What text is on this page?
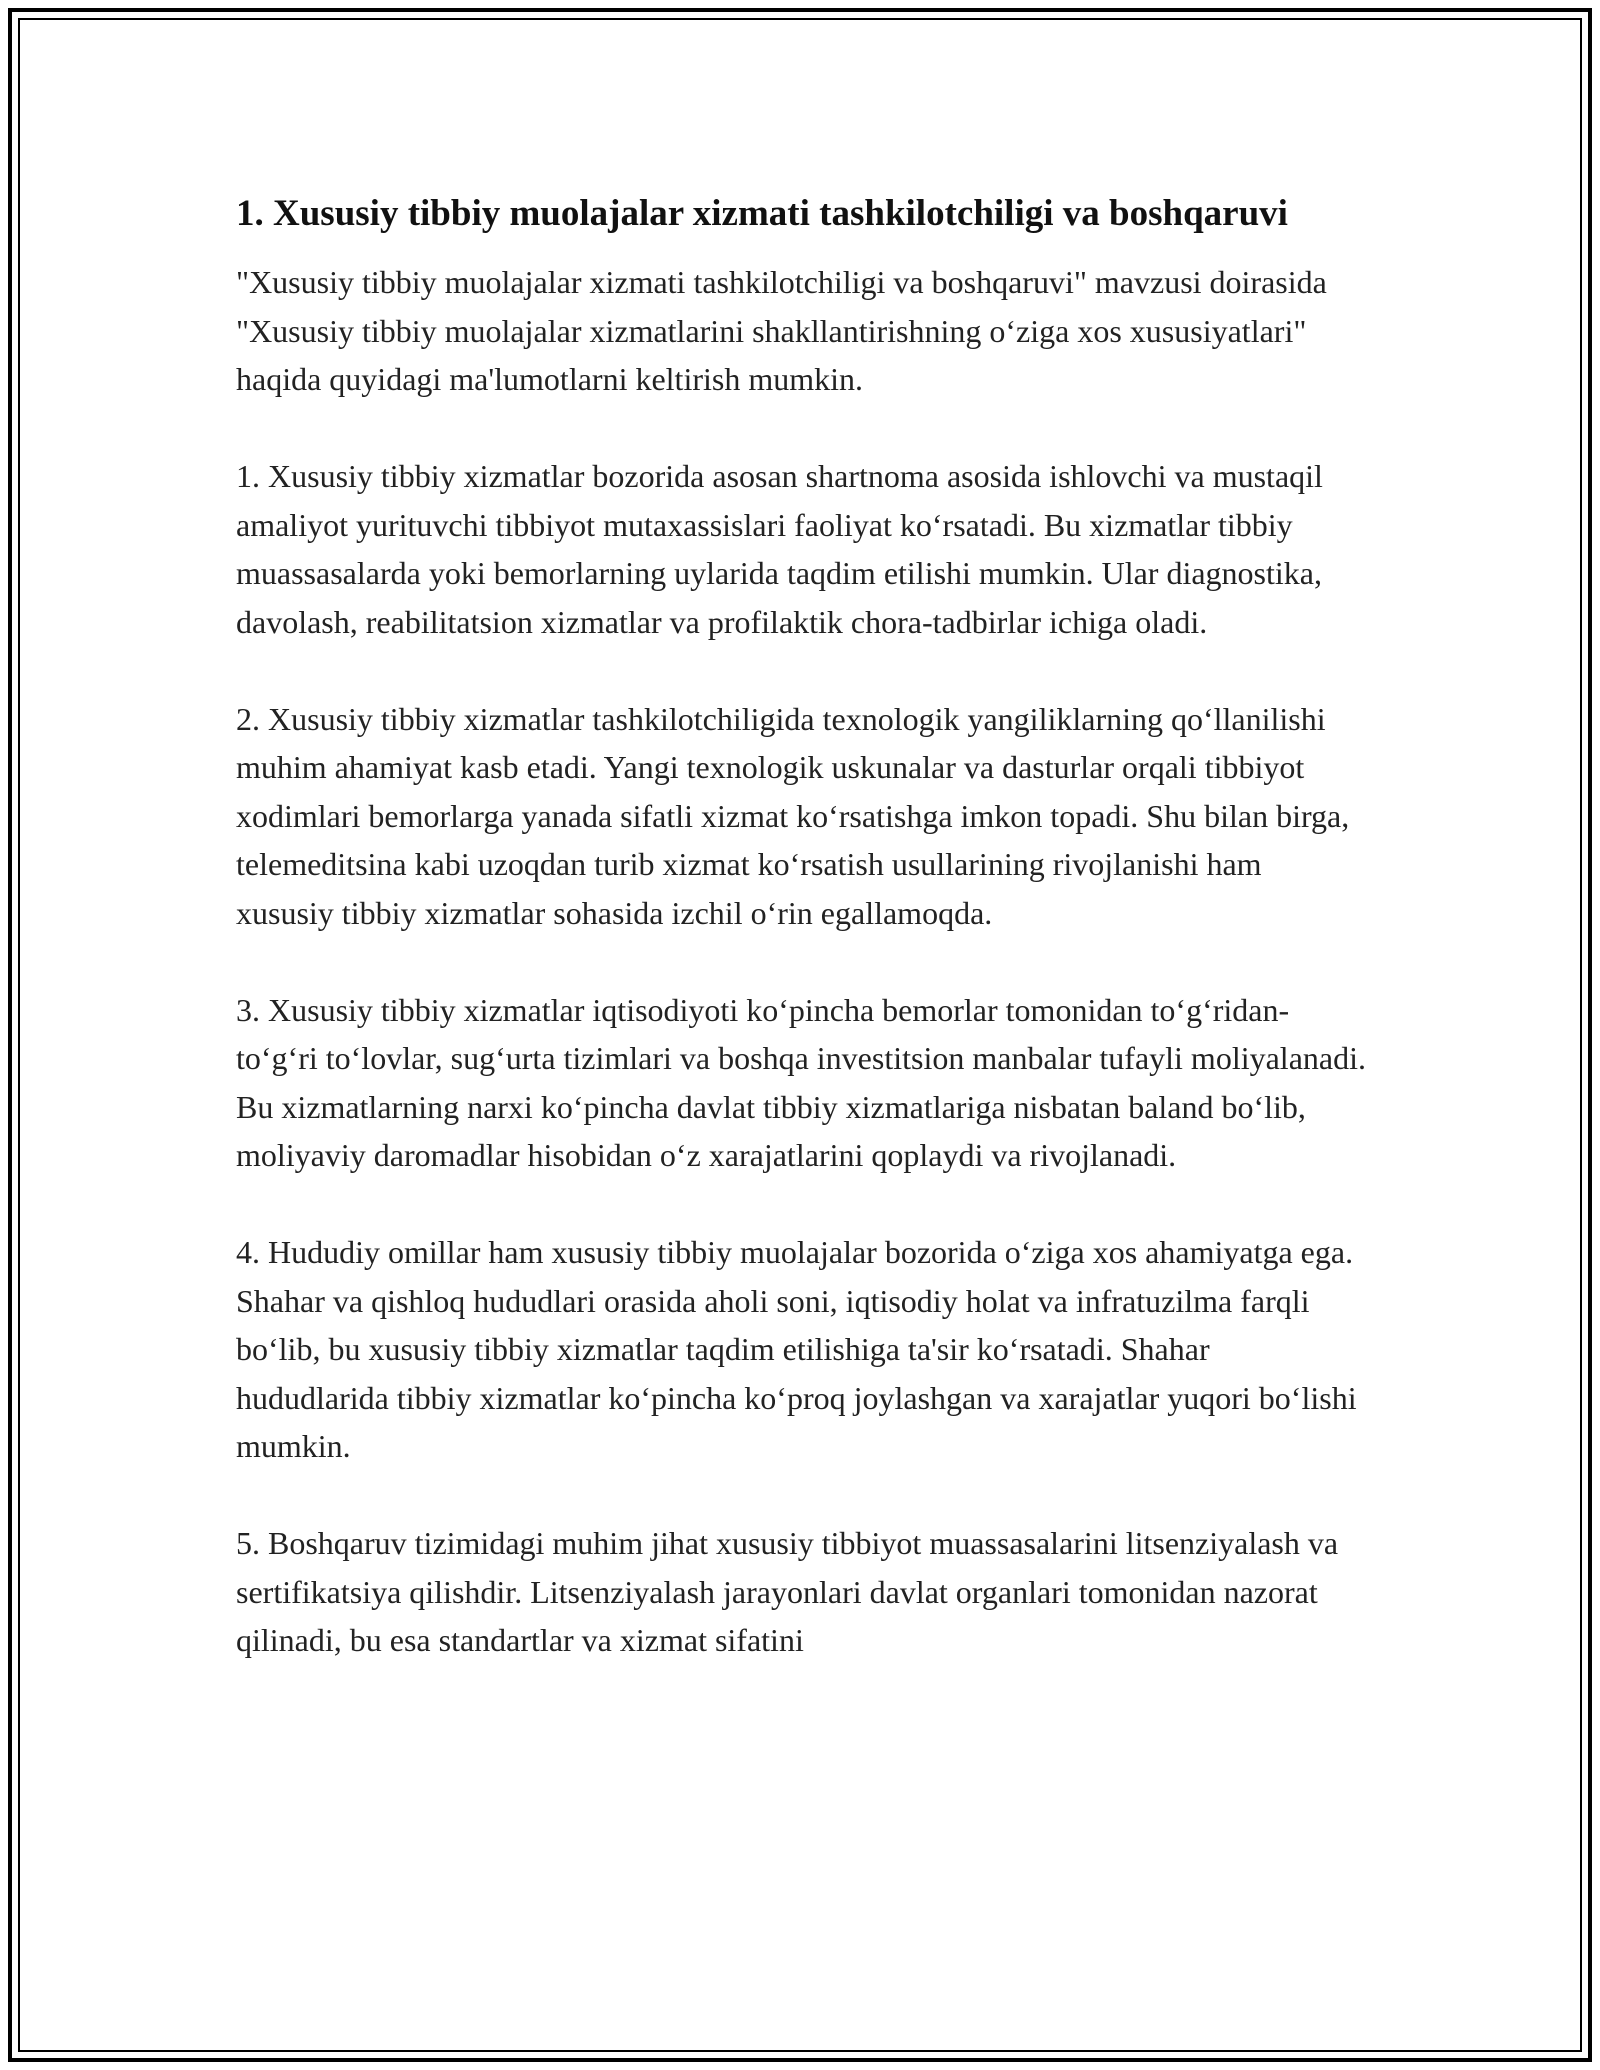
1. Xususiy tibbiy muolajalar xizmati tashkilotchiligi va boshqaruvi

"Xususiy tibbiy muolajalar xizmati tashkilotchiligi va boshqaruvi" mavzusi doirasida "Xususiy tibbiy muolajalar xizmatlarini shakllantirishning oʻziga xos xususiyatlari" haqida quyidagi ma'lumotlarni keltirish mumkin.

1. Xususiy tibbiy xizmatlar bozorida asosan shartnoma asosida ishlovchi va mustaqil amaliyot yurituvchi tibbiyot mutaxassislari faoliyat koʻrsatadi. Bu xizmatlar tibbiy muassasalarda yoki bemorlarning uylarida taqdim etilishi mumkin. Ular diagnostika, davolash, reabilitatsion xizmatlar va profilaktik chora-tadbirlar ichiga oladi.

2. Xususiy tibbiy xizmatlar tashkilotchiligida texnologik yangiliklarning qoʻllanilishi muhim ahamiyat kasb etadi. Yangi texnologik uskunalar va dasturlar orqali tibbiyot xodimlari bemorlarga yanada sifatli xizmat koʻrsatishga imkon topadi. Shu bilan birga, telemeditsina kabi uzoqdan turib xizmat koʻrsatish usullarining rivojlanishi ham xususiy tibbiy xizmatlar sohasida izchil oʻrin egallamoqda.

3. Xususiy tibbiy xizmatlar iqtisodiyoti koʻpincha bemorlar tomonidan toʻgʻridan-toʻgʻri toʻlovlar, sugʻurta tizimlari va boshqa investitsion manbalar tufayli moliyalanadi. Bu xizmatlarning narxi koʻpincha davlat tibbiy xizmatlariga nisbatan baland boʻlib, moliyaviy daromadlar hisobidan oʻz xarajatlarini qoplaydi va rivojlanadi.

4. Hududiy omillar ham xususiy tibbiy muolajalar bozorida oʻziga xos ahamiyatga ega. Shahar va qishloq hududlari orasida aholi soni, iqtisodiy holat va infratuzilma farqli boʻlib, bu xususiy tibbiy xizmatlar taqdim etilishiga ta'sir koʻrsatadi. Shahar hududlarida tibbiy xizmatlar koʻpincha koʻproq joylashgan va xarajatlar yuqori boʻlishi mumkin.

5. Boshqaruv tizimidagi muhim jihat xususiy tibbiyot muassasalarini litsenziyalash va sertifikatsiya qilishdir. Litsenziyalash jarayonlari davlat organlari tomonidan nazorat qilinadi, bu esa standartlar va xizmat sifatini
